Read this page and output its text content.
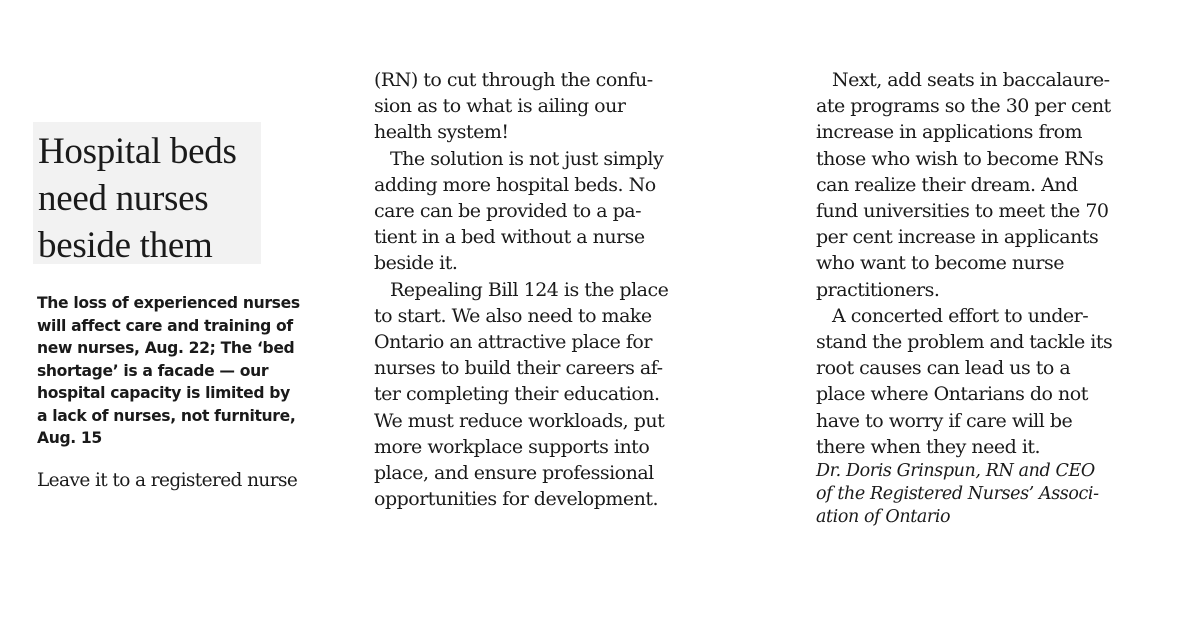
Hospital beds
need nurses
beside them
The loss of experienced nurses
will affect care and training of
new nurses, Aug. 22; The ‘bed
shortage’ is a facade — our
hospital capacity is limited by
a lack of nurses, not furniture,
Aug. 15
Leave it to a registered nurse
(RN) to cut through the confu-
sion as to what is ailing our
health system!
The solution is not just simply
adding more hospital beds. No
care can be provided to a pa-
tient in a bed without a nurse
beside it.
Repealing Bill 124 is the place
to start. We also need to make
Ontario an attractive place for
nurses to build their careers af-
ter completing their education.
We must reduce workloads, put
more workplace supports into
place, and ensure professional
opportunities for development.
Next, add seats in baccalaure-
ate programs so the 30 per cent
increase in applications from
those who wish to become RNs
can realize their dream. And
fund universities to meet the 70
per cent increase in applicants
who want to become nurse
practitioners.
A concerted effort to under-
stand the problem and tackle its
root causes can lead us to a
place where Ontarians do not
have to worry if care will be
there when they need it.
Dr. Doris Grinspun, RN and CEO
of the Registered Nurses’ Associ-
ation of Ontario
